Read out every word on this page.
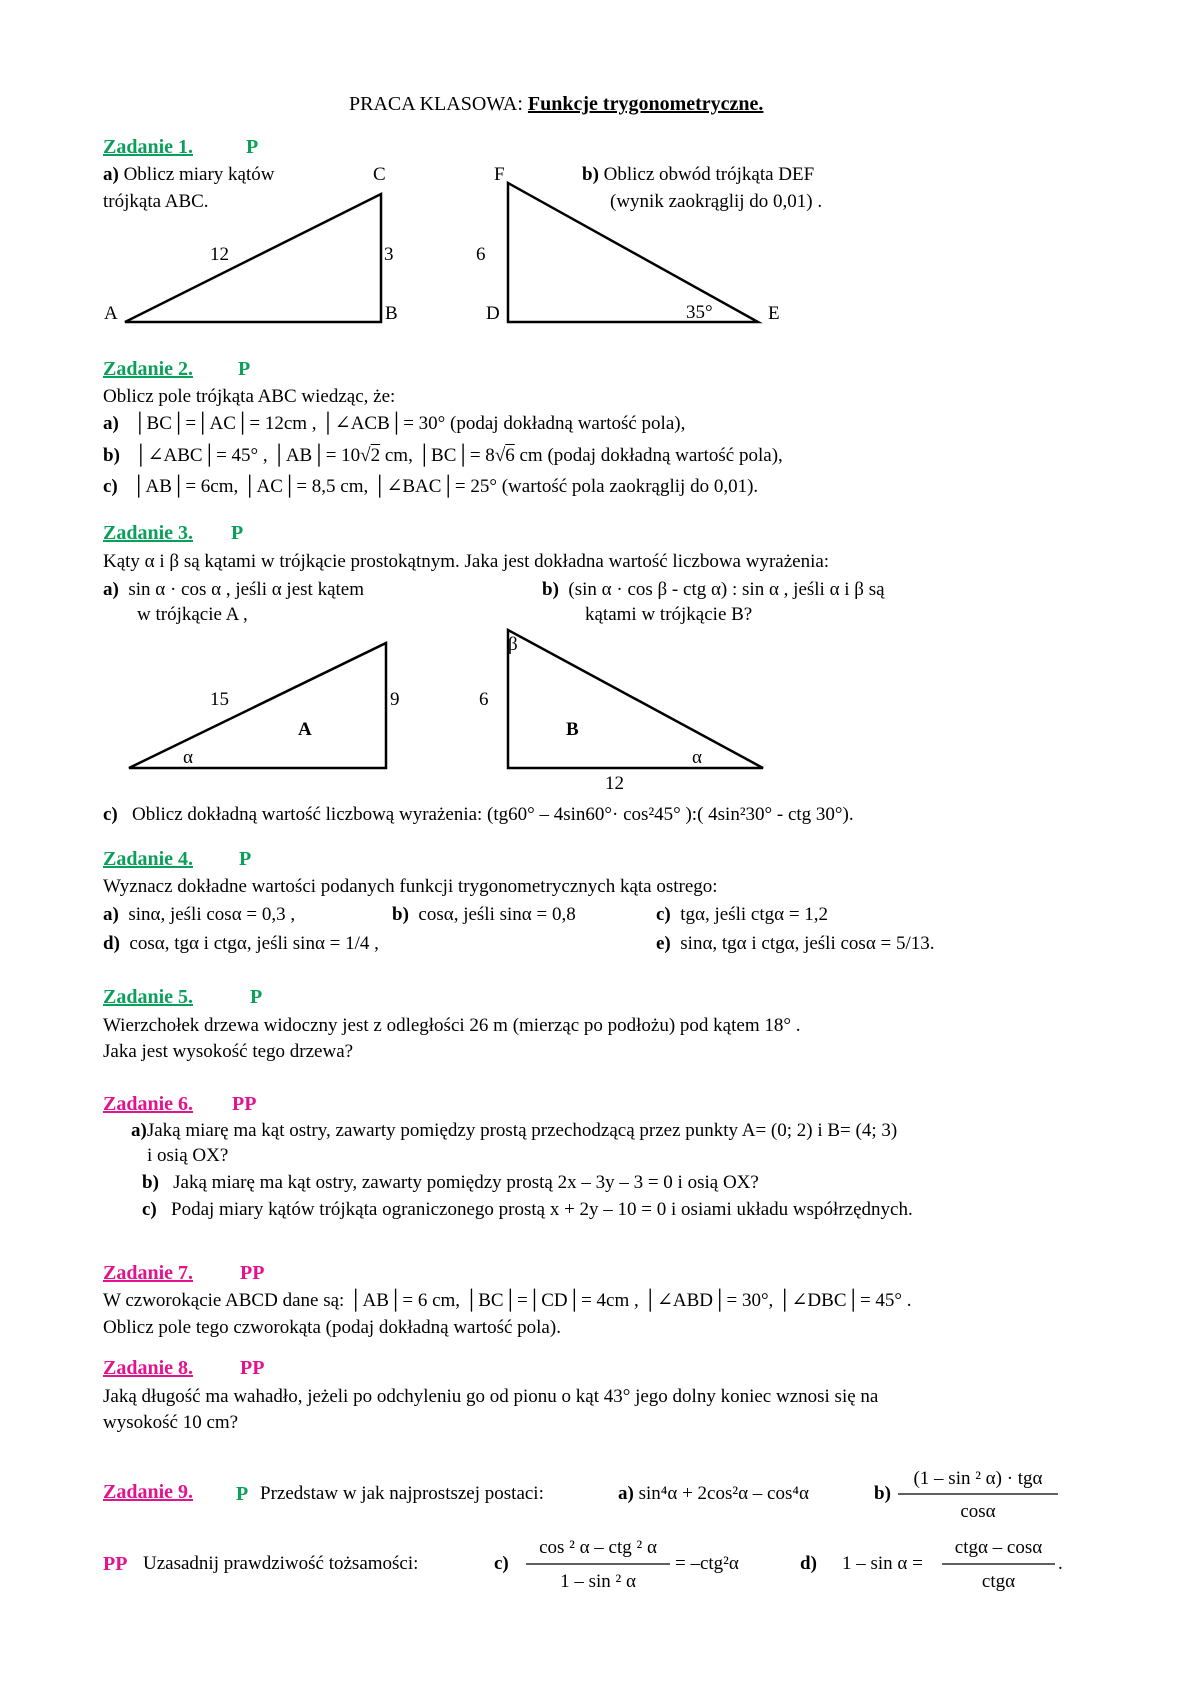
PRACA KLASOWA: Funkcje trygonometryczne.
Zadanie 1.	P
a) Oblicz miary kątów
trójkąta ABC.
b) Oblicz obwód trójkąta DEF
(wynik zaokrąglij do 0,01) .
A	B
C
12	3
F
D	E
6
35°
Zadanie 2. P
Oblicz pole trójkąta ABC wiedząc, że:
a) │BC│=│AC│= 12cm , │∠ACB│= 30° (podaj dokładną wartość pola),
b) │∠ABC│= 45° , │AB│= 10√2 cm, │BC│= 8√6 cm (podaj dokładną wartość pola),
c) │AB│= 6cm, │AC│= 8,5 cm, │∠BAC│= 25° (wartość pola zaokrąglij do 0,01).
Zadanie 3. P
Kąty α i β są kątami w trójkącie prostokątnym. Jaka jest dokładna wartość liczbowa wyrażenia:
a) sin α · cos α , jeśli α jest kątem
w trójkącie A ,
b) (sin α · cos β - ctg α) : sin α , jeśli α i β są
kątami w trójkącie B?
15	9
A
α
6
B
β
α
12
c) Oblicz dokładną wartość liczbową wyrażenia: (tg60° – 4sin60°· cos²45° ):( 4sin²30° - ctg 30°).
Zadanie 4. P
Wyznacz dokładne wartości podanych funkcji trygonometrycznych kąta ostrego:
a) sinα, jeśli cosα = 0,3 ,	b) cosα, jeśli sinα = 0,8	c) tgα, jeśli ctgα = 1,2
d) cosα, tgα i ctgα, jeśli sinα = 1/4 ,	e) sinα, tgα i ctgα, jeśli cosα = 5/13.
Zadanie 5.	P
Wierzchołek drzewa widoczny jest z odległości 26 m (mierząc po podłożu) pod kątem 18° .
Jaka jest wysokość tego drzewa?
Zadanie 6. PP
a)Jaką miarę ma kąt ostry, zawarty pomiędzy prostą przechodzącą przez punkty A= (0; 2) i B= (4; 3)
i osią OX?
b) Jaką miarę ma kąt ostry, zawarty pomiędzy prostą 2x – 3y – 3 = 0 i osią OX?
c) Podaj miary kątów trójkąta ograniczonego prostą x + 2y – 10 = 0 i osiami układu współrzędnych.
Zadanie 7. PP
W czworokącie ABCD dane są: │AB│= 6 cm, │BC│=│CD│= 4cm , │∠ABD│= 30°, │∠DBC│= 45° .
Oblicz pole tego czworokąta (podaj dokładną wartość pola).
Zadanie 8. PP
Jaką długość ma wahadło, jeżeli po odchyleniu go od pionu o kąt 43° jego dolny koniec wznosi się na
wysokość 10 cm?
Zadanie 9. P Przedstaw w jak najprostszej postaci:	a) sin⁴α + 2cos²α – cos⁴α	b)
(1 – sin ² α) · tgα
cosα
PP Uzasadnij prawdziwość tożsamości:	c)
cos ² α – ctg ² α
1 – sin ² α
= –ctg²α	d) 1 – sin α =
ctgα – cosα
ctgα
.
